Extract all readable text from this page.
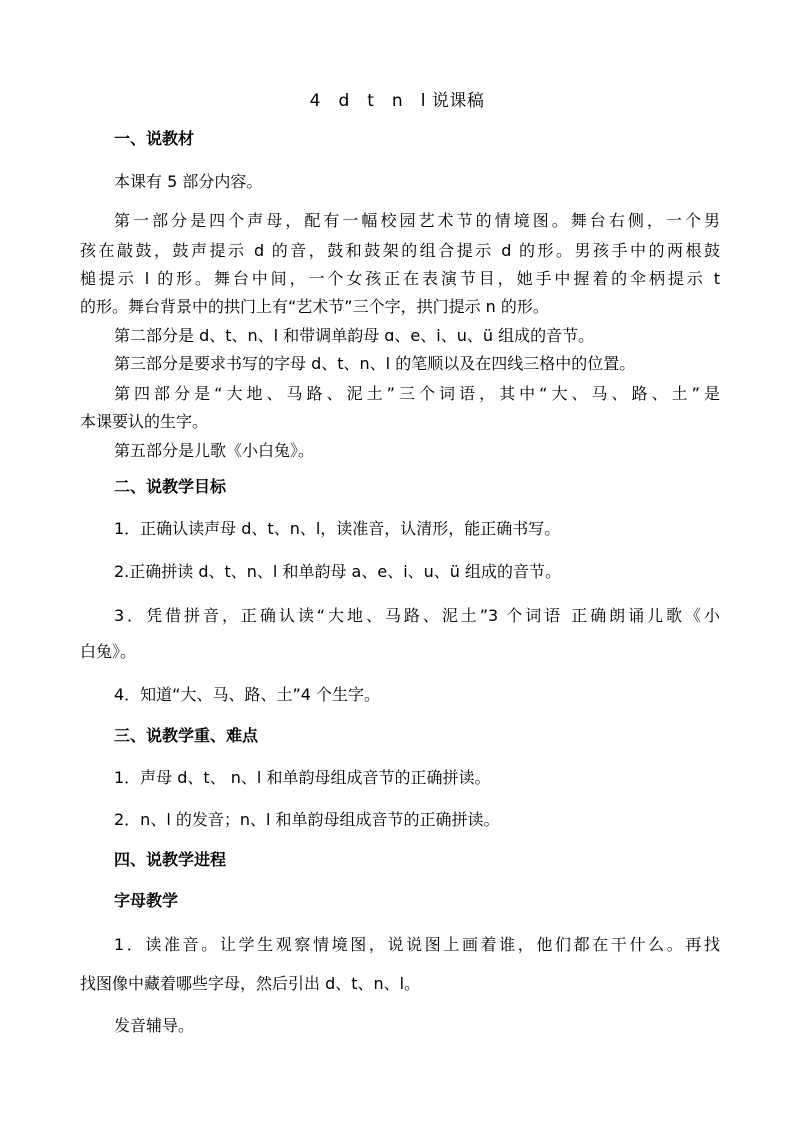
4　d　t　n　l 说课稿
一、说教材
本课有 5 部分内容。
第一部分是四个声母，配有一幅校园艺术节的情境图。舞台右侧，一个男
孩在敲鼓，鼓声提示 d 的音，鼓和鼓架的组合提示 d 的形。男孩手中的两根鼓
槌提示 l 的形。舞台中间，一个女孩正在表演节目，她手中握着的伞柄提示 t
的形。舞台背景中的拱门上有“艺术节”三个字，拱门提示 n 的形。
第二部分是 d、t、n、l 和带调单韵母 ɑ、e、i、u、ü 组成的音节。
第三部分是要求书写的字母 d、t、n、l 的笔顺以及在四线三格中的位置。
第四部分是“大地、马路、泥土”三个词语，其中“大、马、路、土”是
本课要认的生字。
第五部分是儿歌《小白兔》。
二、说教学目标
1．正确认读声母 d、t、n、l，读准音，认清形，能正确书写。
2.正确拼读 d、t、n、l 和单韵母 a、e、i、u、ü 组成的音节。
3．凭借拼音，正确认读“大地、马路、泥土”3 个词语 正确朗诵儿歌《小
白兔》。
4．知道“大、马、路、土”4 个生字。
三、说教学重、难点
1．声母 d、t、 n、l 和单韵母组成音节的正确拼读。
2．n、l 的发音；n、l 和单韵母组成音节的正确拼读。
四、说教学进程
字母教学
1．读准音。让学生观察情境图，说说图上画着谁，他们都在干什么。再找
找图像中藏着哪些字母，然后引出 d、t、n、l。
发音辅导。
